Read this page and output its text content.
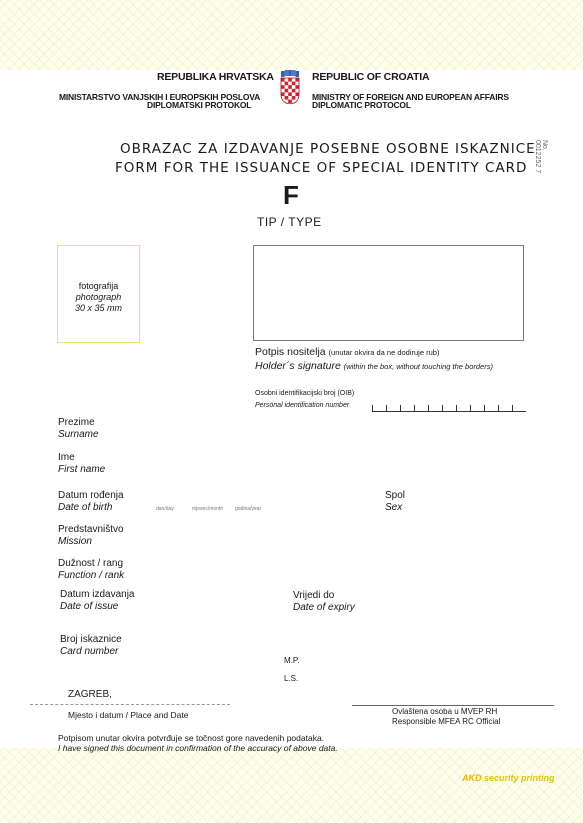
REPUBLIKA HRVATSKA
MINISTARSTVO VANJSKIH I EUROPSKIH POSLOVA
DIPLOMATSKI PROTOKOL
REPUBLIC OF CROATIA
MINISTRY OF FOREIGN AND EUROPEAN AFFAIRS
DIPLOMATIC PROTOCOL
OBRAZAC ZA IZDAVANJE POSEBNE OSOBNE ISKAZNICE
FORM FOR THE ISSUANCE OF SPECIAL IDENTITY CARD
F
TIP / TYPE
No. 0012252 7
fotografija
photograph
30 x 35 mm
Potpis nositelja (unutar okvira da ne dodiruje rub)
Holder´s signature (within the box, without touching the borders)
Osobni identifikacijski broj (OIB)
Personal identification number
Prezime
Surname
Ime
First name
Datum rođenja
Date of birth	dan/day	mjesec/month godina/year
Spol
Sex
Predstavništvo
Mission
Dužnost / rang
Function / rank
Datum izdavanja
Date of issue
Vrijedi do
Date of expiry
Broj iskaznice
Card number
M.P.
L.S.
ZAGREB,
Mjesto i datum / Place and Date	Ovlaštena osoba u MVEP RH
Responsible MFEA RC Official
Potpisom unutar okvira potvrđuje se točnost gore navedenih podataka.
I have signed this document in confirmation of the accuracy of above data.
AKD security printing
